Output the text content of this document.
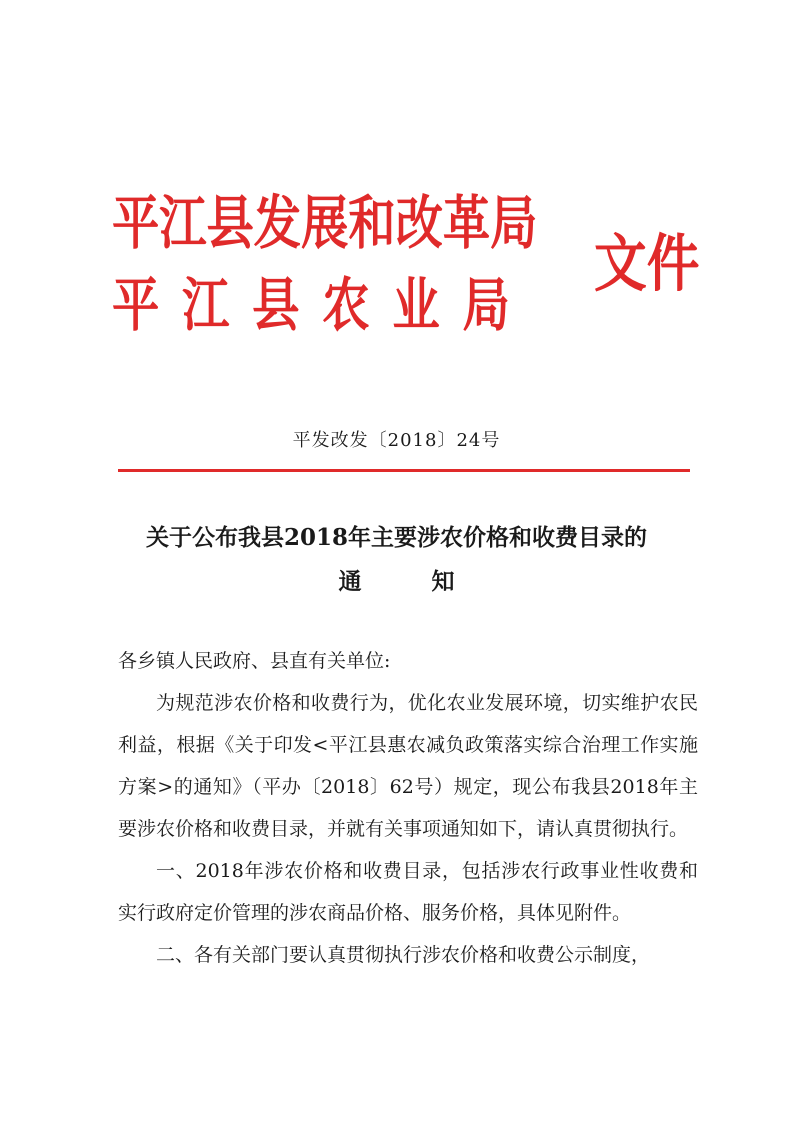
平江县发展和改革局
平江县农业局
文件
平发改发〔2018〕24号
关于公布我县2018年主要涉农价格和收费目录的
通知

各乡镇人民政府、县直有关单位:

为规范涉农价格和收费行为，优化农业发展环境，切实维护农民利益，根据《关于印发<平江县惠农减负政策落实综合治理工作实施方案>的通知》（平办〔2018〕62号）规定，现公布我县2018年主要涉农价格和收费目录，并就有关事项通知如下，请认真贯彻执行。

一、2018年涉农价格和收费目录，包括涉农行政事业性收费和实行政府定价管理的涉农商品价格、服务价格，具体见附件。

二、各有关部门要认真贯彻执行涉农价格和收费公示制度，
